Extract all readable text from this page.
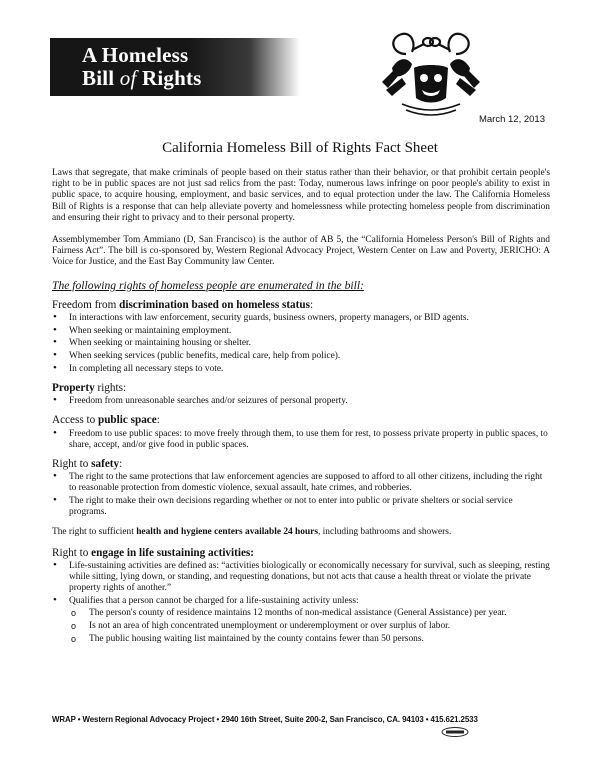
A Homeless
Bill of Rights
March 12, 2013
California Homeless Bill of Rights Fact Sheet

Laws that segregate, that make criminals of people based on their status rather than their behavior, or that prohibit certain people's right to be in public spaces are not just sad relics from the past: Today, numerous laws infringe on poor people's ability to exist in public space, to acquire housing, employment, and basic services, and to equal protection under the law. The California Homeless Bill of Rights is a response that can help alleviate poverty and homelessness while protecting homeless people from discrimination and ensuring their right to privacy and to their personal property.

Assemblymember Tom Ammiano (D, San Francisco) is the author of AB 5, the “California Homeless Person's Bill of Rights and Fairness Act”. The bill is co-sponsored by, Western Regional Advocacy Project, Western Center on Law and Poverty, JERICHO: A Voice for Justice, and the East Bay Community law Center.

The following rights of homeless people are enumerated in the bill:
Freedom from discrimination based on homeless status:
• In interactions with law enforcement, security guards, business owners, property managers, or BID agents.
• When seeking or maintaining employment.
• When seeking or maintaining housing or shelter.
• When seeking services (public benefits, medical care, help from police).
• In completing all necessary steps to vote.
Property rights:
• Freedom from unreasonable searches and/or seizures of personal property.
Access to public space:
• Freedom to use public spaces: to move freely through them, to use them for rest, to possess private property in public spaces, to share, accept, and/or give food in public spaces.
Right to safety:
• The right to the same protections that law enforcement agencies are supposed to afford to all other citizens, including the right to reasonable protection from domestic violence, sexual assault, hate crimes, and robberies.
• The right to make their own decisions regarding whether or not to enter into public or private shelters or social service programs.
The right to sufficient health and hygiene centers available 24 hours, including bathrooms and showers.
Right to engage in life sustaining activities:
• Life-sustaining activities are defined as: “activities biologically or economically necessary for survival, such as sleeping, resting while sitting, lying down, or standing, and requesting donations, but not acts that cause a health threat or violate the private property rights of another.”
• Qualifies that a person cannot be charged for a life-sustaining activity unless:
o The person's county of residence maintains 12 months of non-medical assistance (General Assistance) per year.
o Is not an area of high concentrated unemployment or underemployment or over surplus of labor.
o The public housing waiting list maintained by the county contains fewer than 50 persons.
WRAP • Western Regional Advocacy Project • 2940 16th Street, Suite 200-2, San Francisco, CA. 94103 • 415.621.2533
